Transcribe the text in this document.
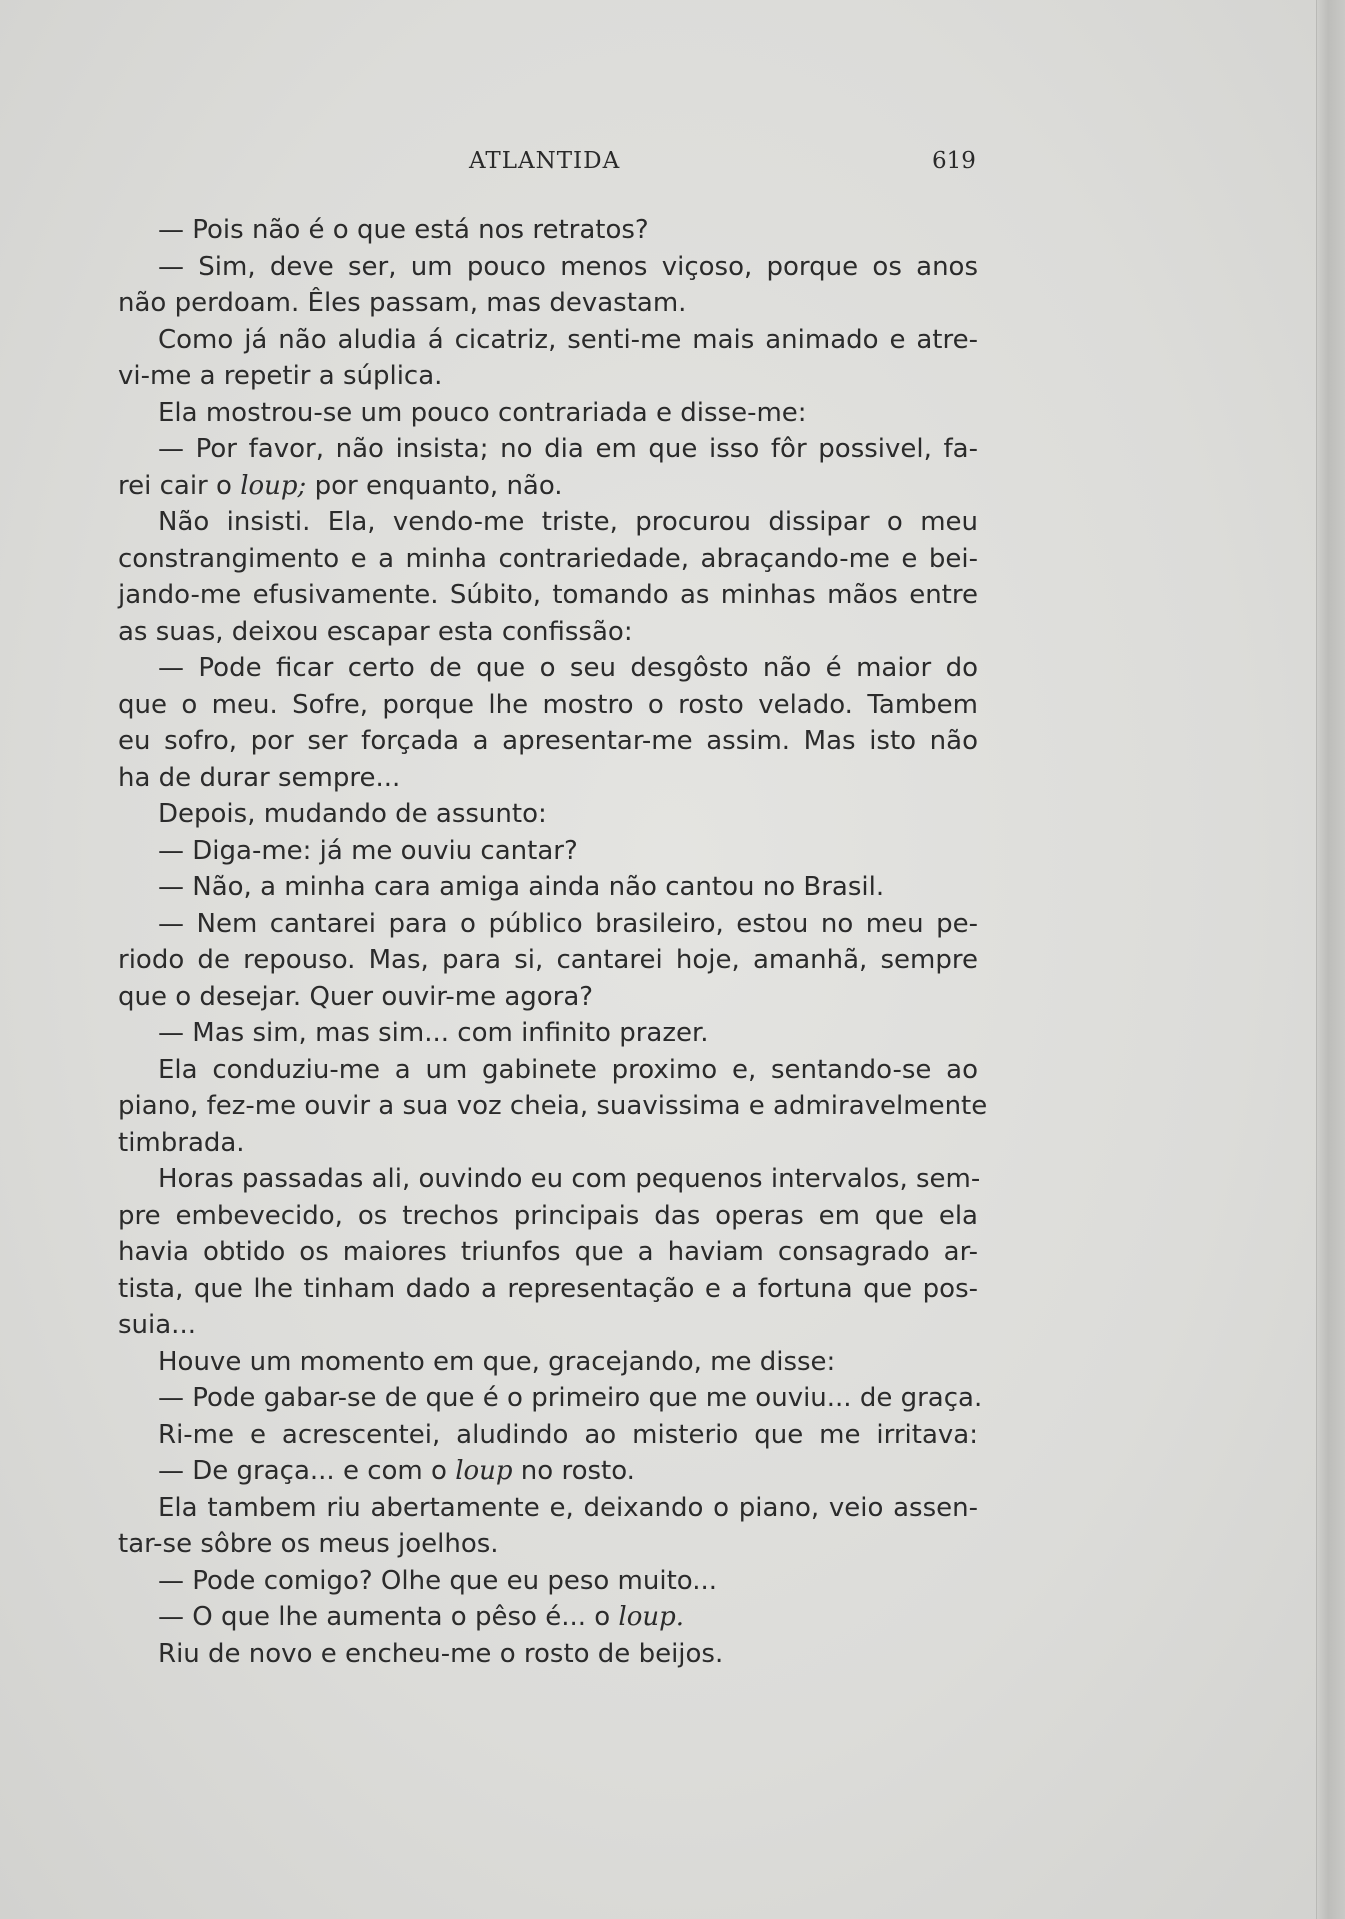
ATLANTIDA	619
— Pois não é o que está nos retratos?
— Sim, deve ser, um pouco menos viçoso, porque os anos
não perdoam. Êles passam, mas devastam.
Como já não aludia á cicatriz, senti-me mais animado e atre-
vi-me a repetir a súplica.
Ela mostrou-se um pouco contrariada e disse-me:
— Por favor, não insista; no dia em que isso fôr possivel, fa-
rei cair o loup; por enquanto, não.
Não insisti. Ela, vendo-me triste, procurou dissipar o meu
constrangimento e a minha contrariedade, abraçando-me e bei-
jando-me efusivamente. Súbito, tomando as minhas mãos entre
as suas, deixou escapar esta confissão:
— Pode ficar certo de que o seu desgôsto não é maior do
que o meu. Sofre, porque lhe mostro o rosto velado. Tambem
eu sofro, por ser forçada a apresentar-me assim. Mas isto não
ha de durar sempre...
Depois, mudando de assunto:
— Diga-me: já me ouviu cantar?
— Não, a minha cara amiga ainda não cantou no Brasil.
— Nem cantarei para o público brasileiro, estou no meu pe-
riodo de repouso. Mas, para si, cantarei hoje, amanhã, sempre
que o desejar. Quer ouvir-me agora?
— Mas sim, mas sim... com infinito prazer.
Ela conduziu-me a um gabinete proximo e, sentando-se ao
piano, fez-me ouvir a sua voz cheia, suavissima e admiravelmente
timbrada.
Horas passadas ali, ouvindo eu com pequenos intervalos, sem-
pre embevecido, os trechos principais das operas em que ela
havia obtido os maiores triunfos que a haviam consagrado ar-
tista, que lhe tinham dado a representação e a fortuna que pos-
suia...
Houve um momento em que, gracejando, me disse:
— Pode gabar-se de que é o primeiro que me ouviu... de graça.
Ri-me e acrescentei, aludindo ao misterio que me irritava:
— De graça... e com o loup no rosto.
Ela tambem riu abertamente e, deixando o piano, veio assen-
tar-se sôbre os meus joelhos.
— Pode comigo? Olhe que eu peso muito...
— O que lhe aumenta o pêso é... o loup.
Riu de novo e encheu-me o rosto de beijos.
